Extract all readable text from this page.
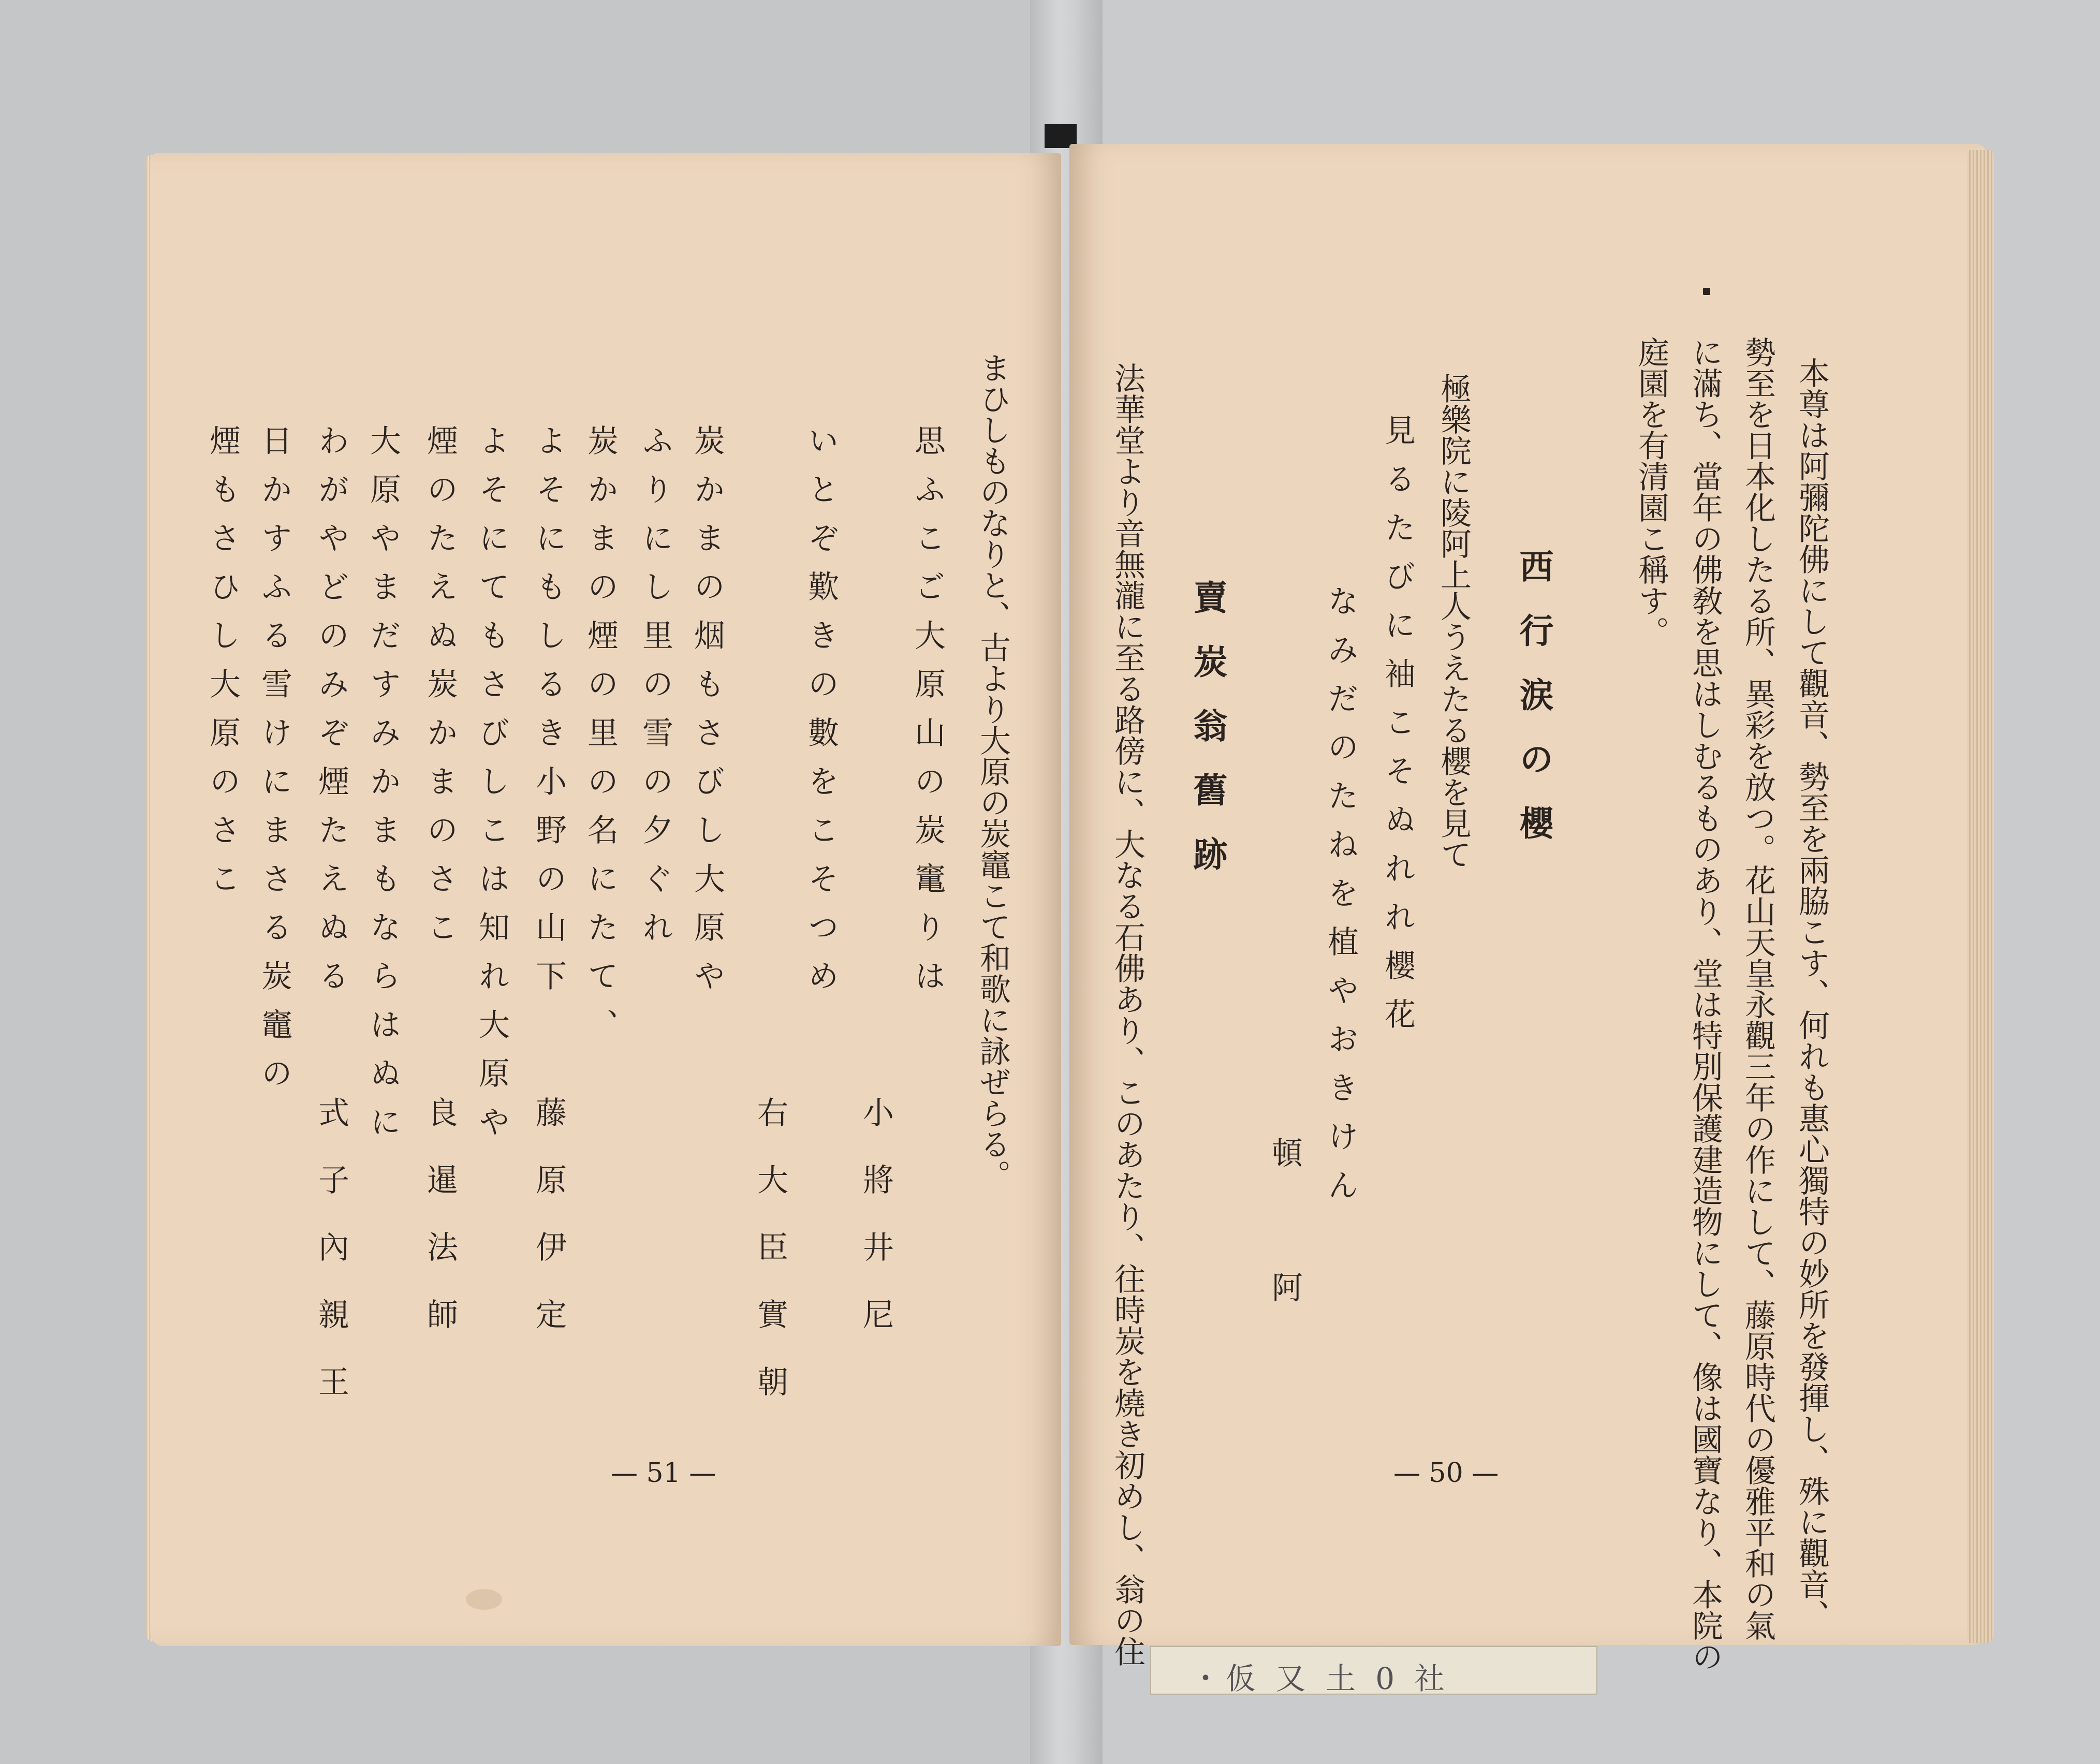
まひしものなりと、古より大原の炭竈こて和歌に詠ぜらる。

思ふこご大原山の炭竃りは

いとぞ歎きの數をこそつめ

小將井尼

炭かまの烟もさびし大原や

ふりにし里の雪の夕ぐれ

右大臣實朝

炭かまの煙の里の名にたて、

よそにもしるき小野の山下

よそにてもさびしこは知れ大原や

煙のたえぬ炭かまのさこ

藤原伊定

大原やまだすみかまもならはぬに

わがやどのみぞ煙たえぬる

良暹法師

日かすふる雪けにまさる炭竈の

煙もさひし大原のさこ

式子內親王

— 51 —	本尊は阿彌陀佛にして觀音、勢至を兩脇こす、何れも惠心獨特の妙所を發揮し、殊に觀音、

勢至を日本化したる所、異彩を放つ。花山天皇永觀三年の作にして、藤原時代の優雅平和の氣

に滿ち、當年の佛敎を思はしむるものあり、堂は特別保護建造物にして、像は國寶なり、本院の

庭園を有清園こ稱す。

西行涙の櫻

極樂院に陵阿上人うえたる櫻を見て

見るたびに袖こそぬれれ櫻花

なみだのたねを植やおきけん

頓阿

賣炭翁舊跡

法華堂より音無瀧に至る路傍に、大なる石佛あり、このあたり、往時炭を燒き初めし、翁の住	— 50 —
・仮 又 土 0 社
